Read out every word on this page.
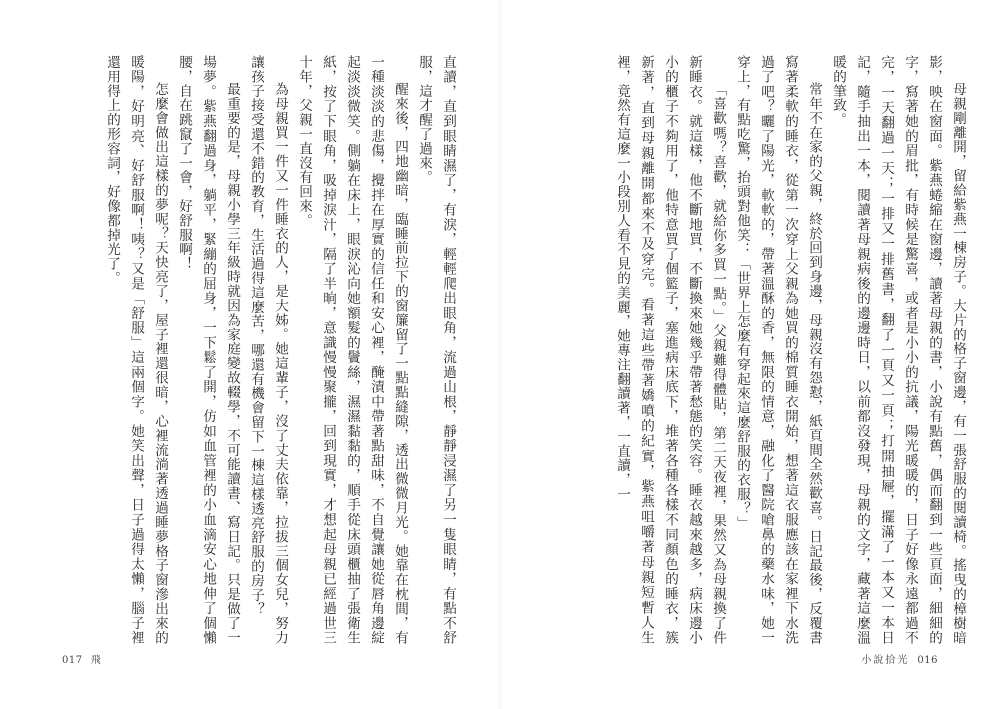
直讀，直到眼睛濕了，有淚，輕輕爬出眼角，流過山根，靜靜浸濕了另一隻眼睛，有點不舒服，這才醒了過來。

醒來後，四地幽暗，臨睡前拉下的窗簾留了一點點縫隙，透出微微月光。她靠在枕間，有一種淡淡的悲傷，攪拌在厚實的信任和安心裡，醃漬中帶著點甜味，不自覺讓她從唇角邊綻起淡淡微笑。側躺在床上，眼淚沁向她額髮的鬢絲，濕濕黏黏的，順手從床頭櫃抽了張衛生紙，按了下眼角，吸掉淚汁，隔了半晌，意識慢慢聚攏，回到現實，才想起母親已經過世三十年，父親一直沒有回來。

為母親買一件又一件睡衣的人，是大姊。她這輩子，沒了丈夫依靠，拉拔三個女兒，努力讓孩子接受還不錯的教育，生活過得這麼苦，哪還有機會留下一棟這樣透亮舒服的房子？

最重要的是，母親小學三年級時就因為家庭變故輟學，不可能讀書、寫日記。只是做了一場夢。紫燕翻過身，躺平，緊繃的屈身，一下鬆了開，仿如血管裡的小血滴安心地伸了個懶腰，自在跳竄了一會，好舒服啊！

怎麼會做出這樣的夢呢？天快亮了，屋子裡還很暗，心裡流淌著透過睡夢格子窗滲出來的暖陽，好明亮、好舒服啊！咦？又是「舒服」這兩個字。她笑出聲，日子過得太懶，腦子裡還用得上的形容詞，好像都掉光了。

017 飛

母親剛離開，留給紫燕一棟房子。大片的格子窗邊，有一張舒服的閱讀椅。搖曳的樟樹暗影，映在窗面。紫燕蜷縮在窗邊，讀著母親的書，小說有點舊，偶而翻到一些頁面，細細的字，寫著她的眉批，有時候是驚喜，或者是小小的抗議，陽光暖暖的，日子好像永遠都過不完，一天翻過一天；一排又一排舊書，翻了一頁又一頁；打開抽屜，擺滿了一本又一本日記，隨手抽出一本，閱讀著母親病後的邊邊時日，以前都沒發現，母親的文字，藏著這麼溫暖的筆致。

常年不在家的父親，終於回到身邊，母親沒有怨懟，紙頁間全然歡喜。日記最後，反覆書寫著柔軟的睡衣，從第一次穿上父親為她買的棉質睡衣開始，想著這衣服應該在家裡下水洗過了吧？曬了陽光，軟軟的，帶著溫酥的香，無限的情意，融化了醫院嗆鼻的藥水味，她一穿上，有點吃驚，抬頭對他笑：「世界上怎麼有穿起來這麼舒服的衣服？」

「喜歡嗎？喜歡，就給你多買一點。」父親難得體貼，第二天夜裡，果然又為母親換了件新睡衣。就這樣，他不斷地買，不斷換來她幾乎帶著愁態的笑容。睡衣越來越多，病床邊小小的櫃子不夠用了，他特意買了個籃子，塞進病床底下，堆著各種各樣不同顏色的睡衣，簇新著，直到母親離開都來不及穿完。看著這些帶著嬌噴的紀實，紫燕咀嚼著母親短暫人生裡，竟然有這麼一小段別人看不見的美麗，她專注翻讀著，一直讀，一

小說拾光 016
